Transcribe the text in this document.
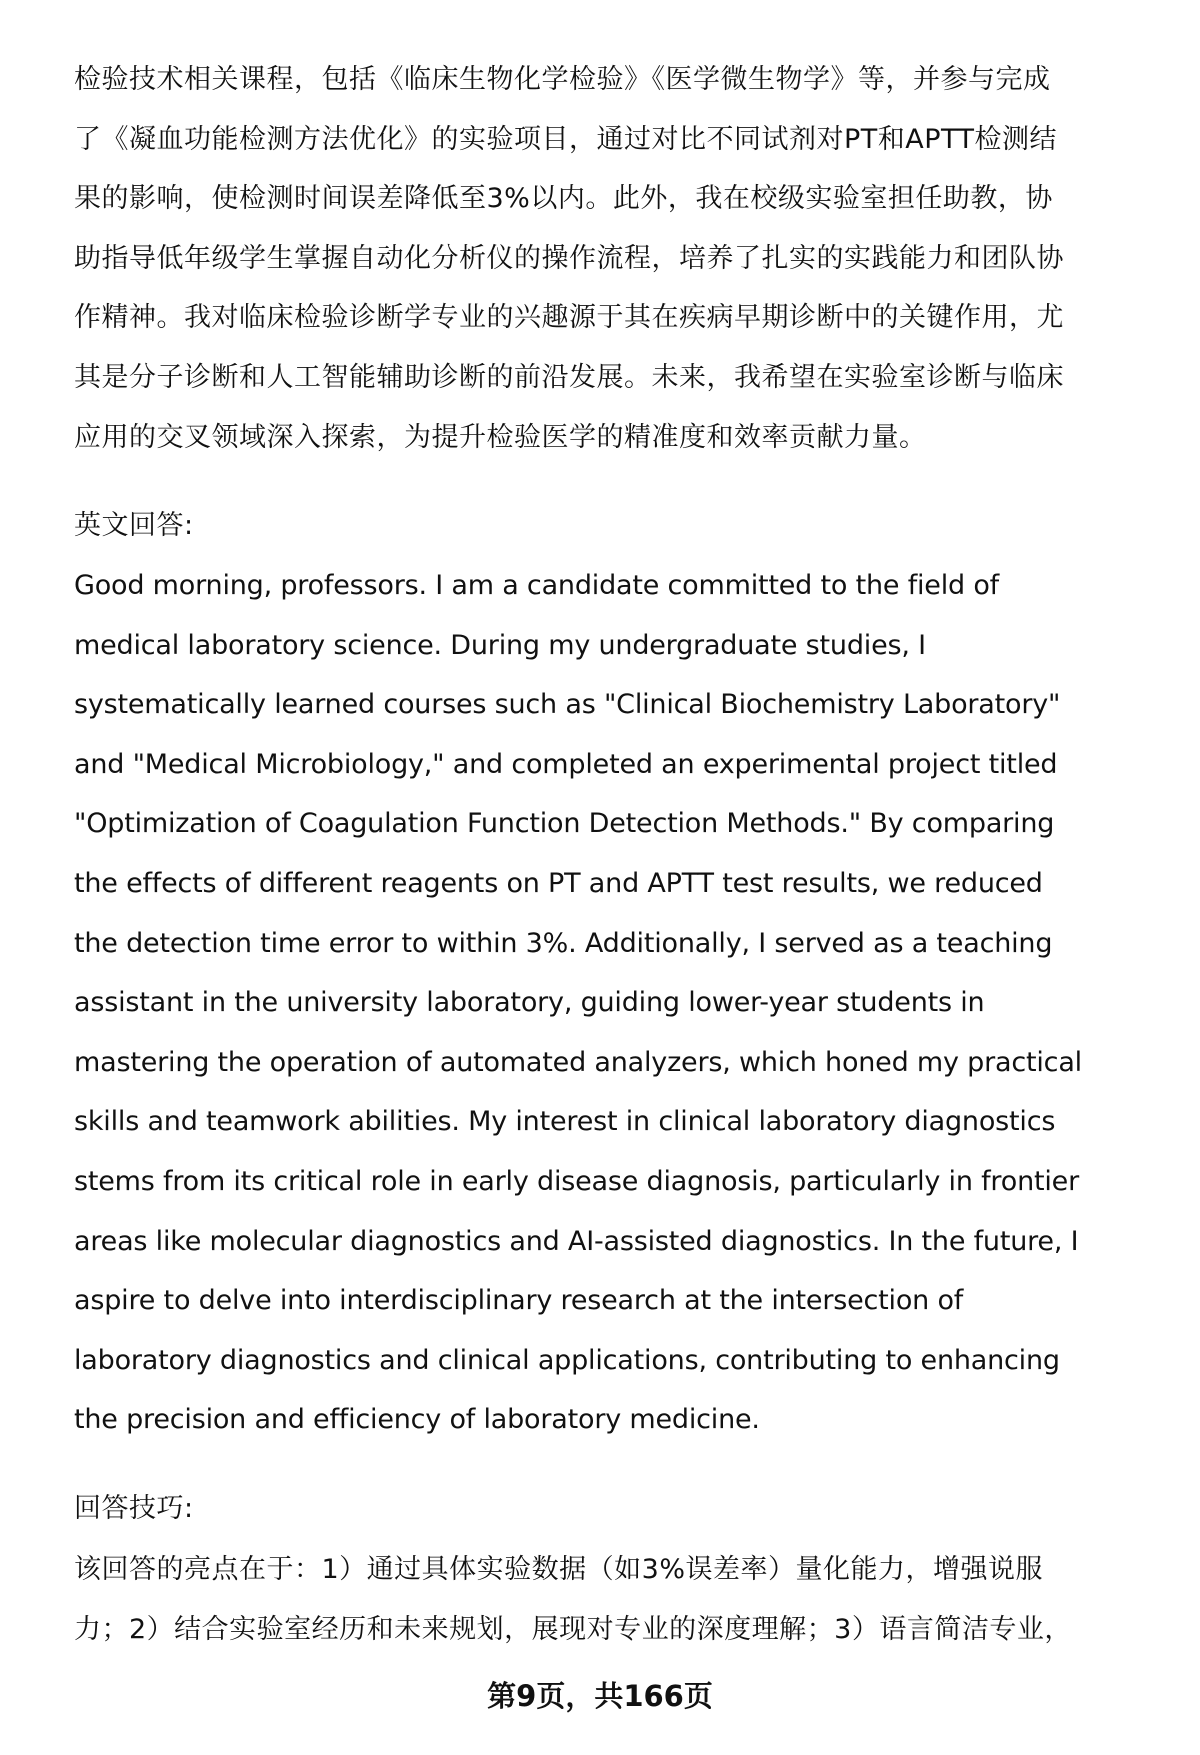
检验技术相关课程，包括《临床生物化学检验》《医学微生物学》等，并参与完成
了《凝血功能检测方法优化》的实验项目，通过对比不同试剂对PT和APTT检测结
果的影响，使检测时间误差降低至3%以内。此外，我在校级实验室担任助教，协
助指导低年级学生掌握自动化分析仪的操作流程，培养了扎实的实践能力和团队协
作精神。我对临床检验诊断学专业的兴趣源于其在疾病早期诊断中的关键作用，尤
其是分子诊断和人工智能辅助诊断的前沿发展。未来，我希望在实验室诊断与临床
应用的交叉领域深入探索，为提升检验医学的精准度和效率贡献力量。
英文回答:
Good morning, professors. I am a candidate committed to the field of
medical laboratory science. During my undergraduate studies, I
systematically learned courses such as "Clinical Biochemistry Laboratory"
and "Medical Microbiology," and completed an experimental project titled
"Optimization of Coagulation Function Detection Methods." By comparing
the effects of different reagents on PT and APTT test results, we reduced
the detection time error to within 3%. Additionally, I served as a teaching
assistant in the university laboratory, guiding lower-year students in
mastering the operation of automated analyzers, which honed my practical
skills and teamwork abilities. My interest in clinical laboratory diagnostics
stems from its critical role in early disease diagnosis, particularly in frontier
areas like molecular diagnostics and AI-assisted diagnostics. In the future, I
aspire to delve into interdisciplinary research at the intersection of
laboratory diagnostics and clinical applications, contributing to enhancing
the precision and efficiency of laboratory medicine.
回答技巧:
该回答的亮点在于：1）通过具体实验数据（如3%误差率）量化能力，增强说服
力；2）结合实验室经历和未来规划，展现对专业的深度理解；3）语言简洁专业，
第9页，共166页
